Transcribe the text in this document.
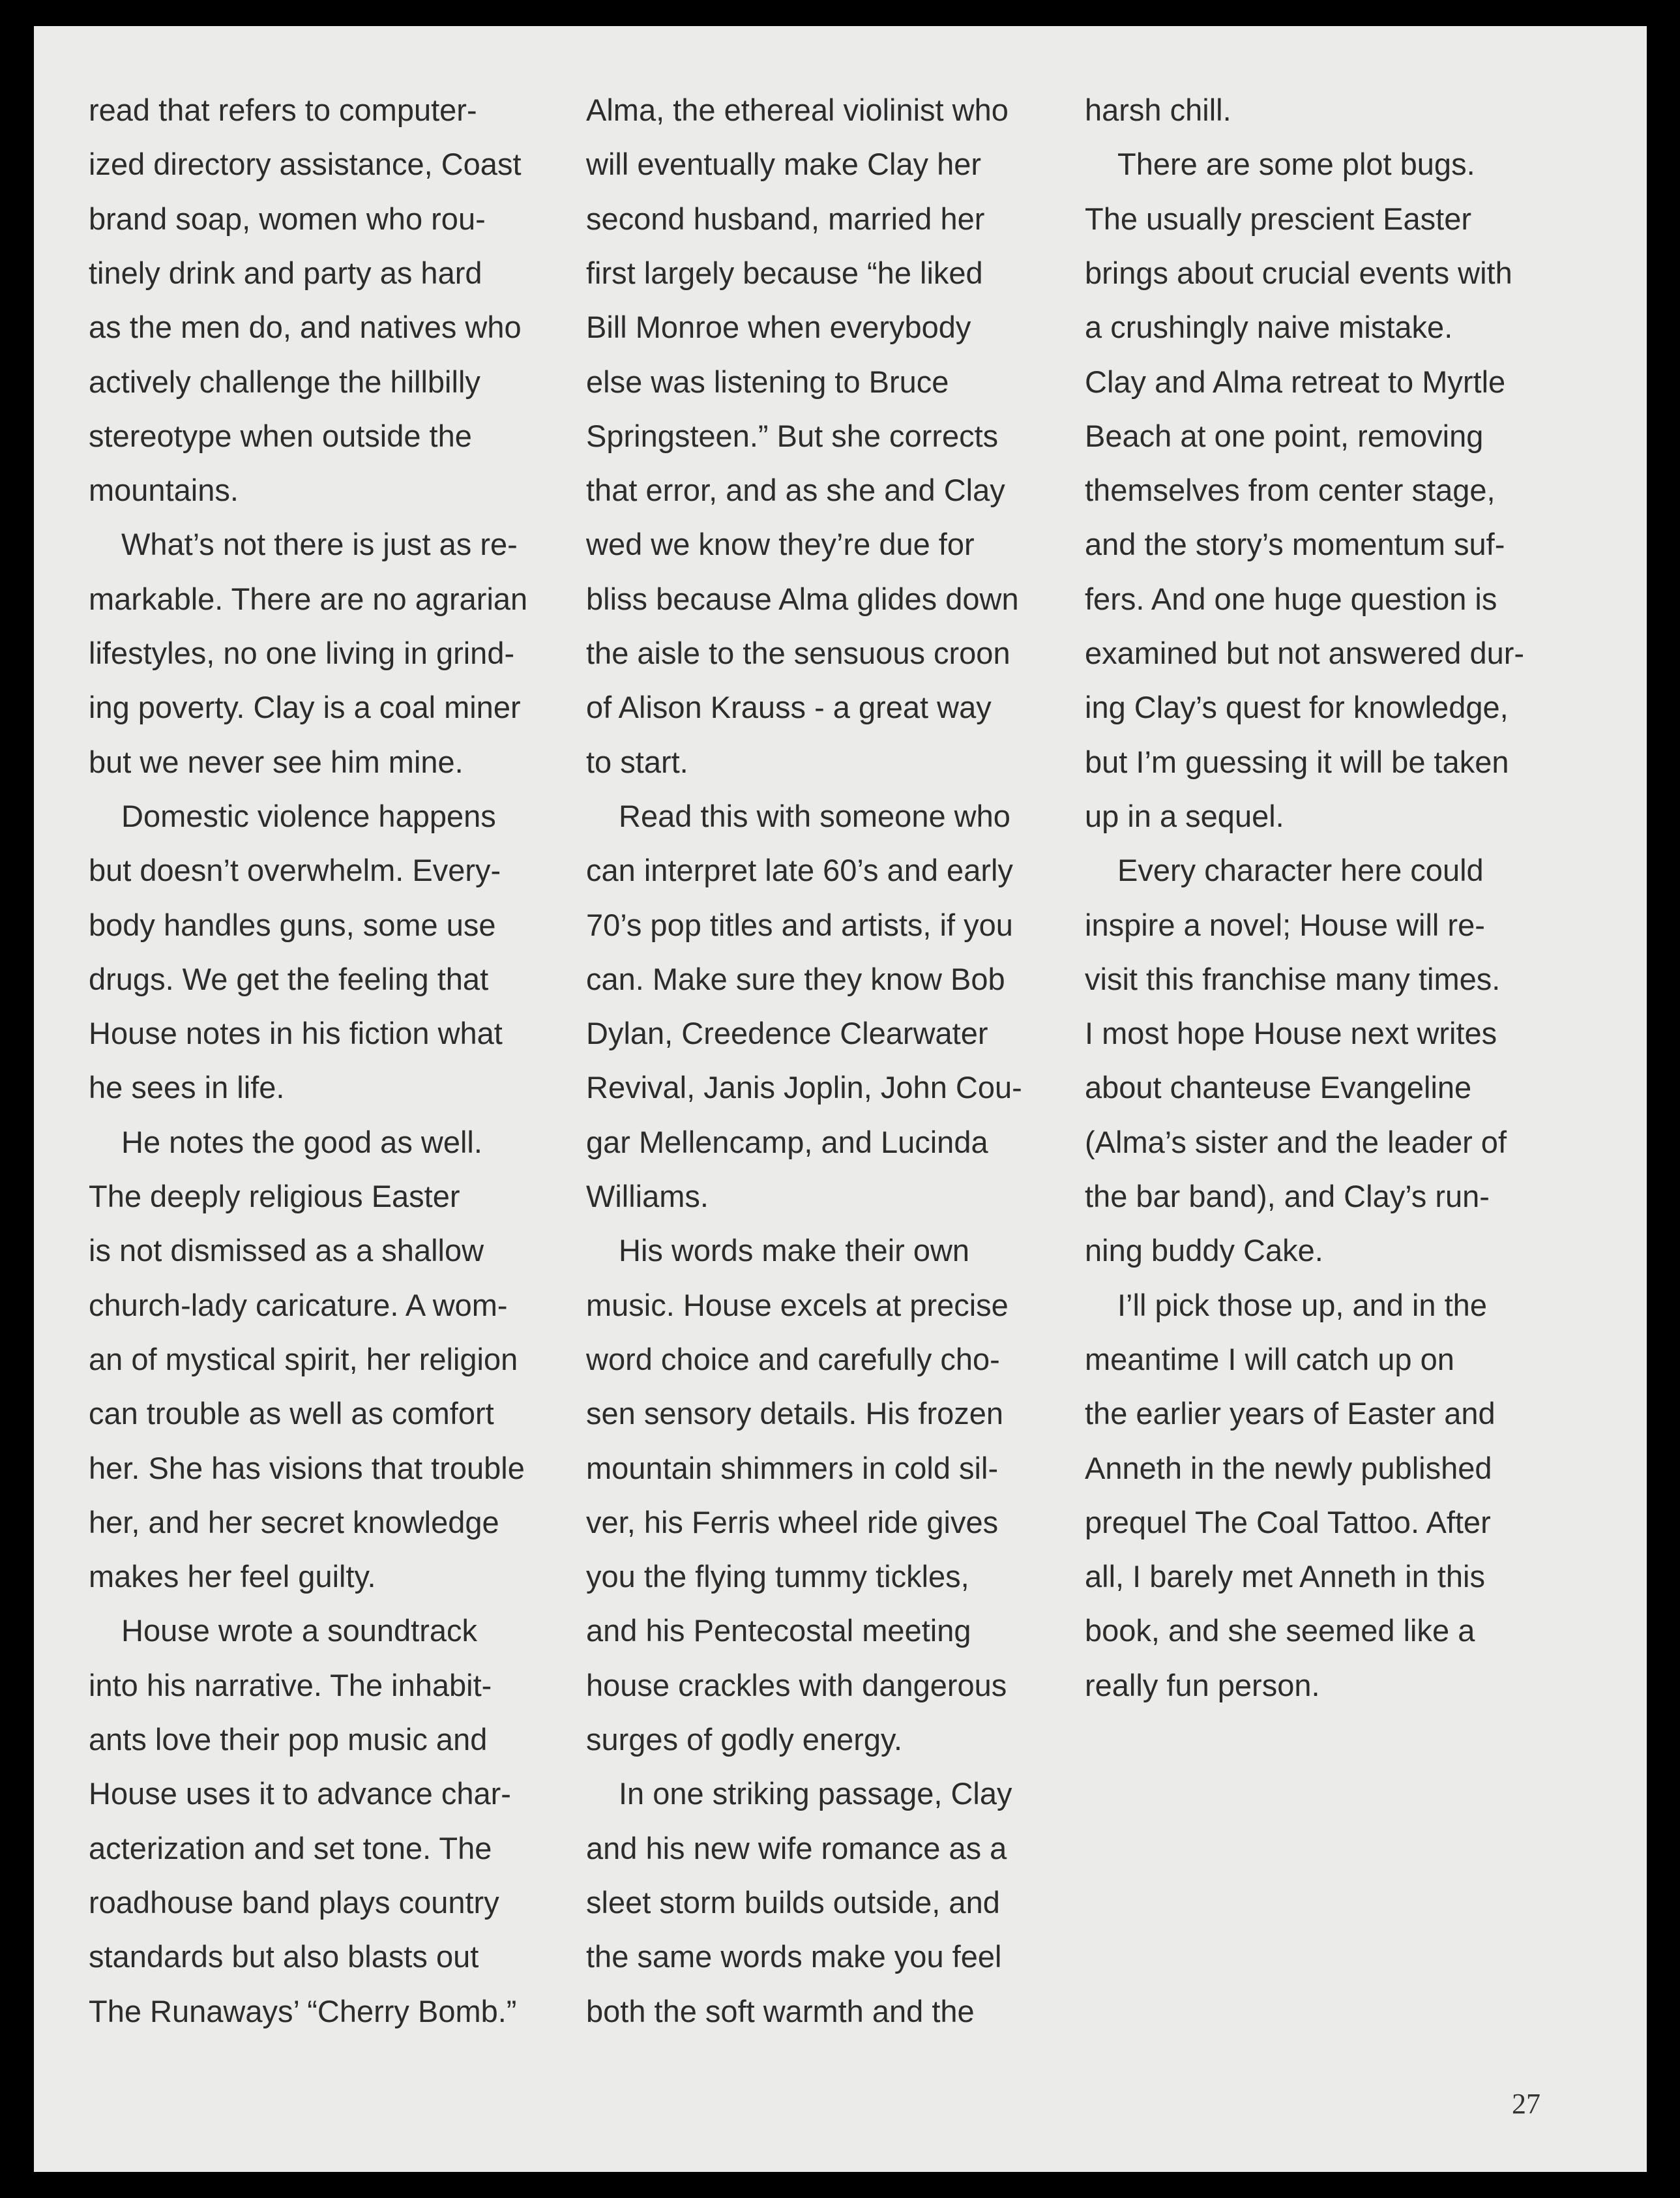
read that refers to computer-
ized directory assistance, Coast
brand soap, women who rou-
tinely drink and party as hard
as the men do, and natives who
actively challenge the hillbilly
stereotype when outside the
mountains.
What’s not there is just as re-
markable. There are no agrarian
lifestyles, no one living in grind-
ing poverty. Clay is a coal miner
but we never see him mine.
Domestic violence happens
but doesn’t overwhelm. Every-
body handles guns, some use
drugs. We get the feeling that
House notes in his fiction what
he sees in life.
He notes the good as well.
The deeply religious Easter
is not dismissed as a shallow
church-lady caricature. A wom-
an of mystical spirit, her religion
can trouble as well as comfort
her. She has visions that trouble
her, and her secret knowledge
makes her feel guilty.
House wrote a soundtrack
into his narrative. The inhabit-
ants love their pop music and
House uses it to advance char-
acterization and set tone. The
roadhouse band plays country
standards but also blasts out
The Runaways’ “Cherry Bomb.”
Alma, the ethereal violinist who
will eventually make Clay her
second husband, married her
first largely because “he liked
Bill Monroe when everybody
else was listening to Bruce
Springsteen.” But she corrects
that error, and as she and Clay
wed we know they’re due for
bliss because Alma glides down
the aisle to the sensuous croon
of Alison Krauss - a great way
to start.
Read this with someone who
can interpret late 60’s and early
70’s pop titles and artists, if you
can. Make sure they know Bob
Dylan, Creedence Clearwater
Revival, Janis Joplin, John Cou-
gar Mellencamp, and Lucinda
Williams.
His words make their own
music. House excels at precise
word choice and carefully cho-
sen sensory details. His frozen
mountain shimmers in cold sil-
ver, his Ferris wheel ride gives
you the flying tummy tickles,
and his Pentecostal meeting
house crackles with dangerous
surges of godly energy.
In one striking passage, Clay
and his new wife romance as a
sleet storm builds outside, and
the same words make you feel
both the soft warmth and the
harsh chill.
There are some plot bugs.
The usually prescient Easter
brings about crucial events with
a crushingly naive mistake.
Clay and Alma retreat to Myrtle
Beach at one point, removing
themselves from center stage,
and the story’s momentum suf-
fers. And one huge question is
examined but not answered dur-
ing Clay’s quest for knowledge,
but I’m guessing it will be taken
up in a sequel.
Every character here could
inspire a novel; House will re-
visit this franchise many times.
I most hope House next writes
about chanteuse Evangeline
(Alma’s sister and the leader of
the bar band), and Clay’s run-
ning buddy Cake.
I’ll pick those up, and in the
meantime I will catch up on
the earlier years of Easter and
Anneth in the newly published
prequel The Coal Tattoo. After
all, I barely met Anneth in this
book, and she seemed like a
really fun person.
27
